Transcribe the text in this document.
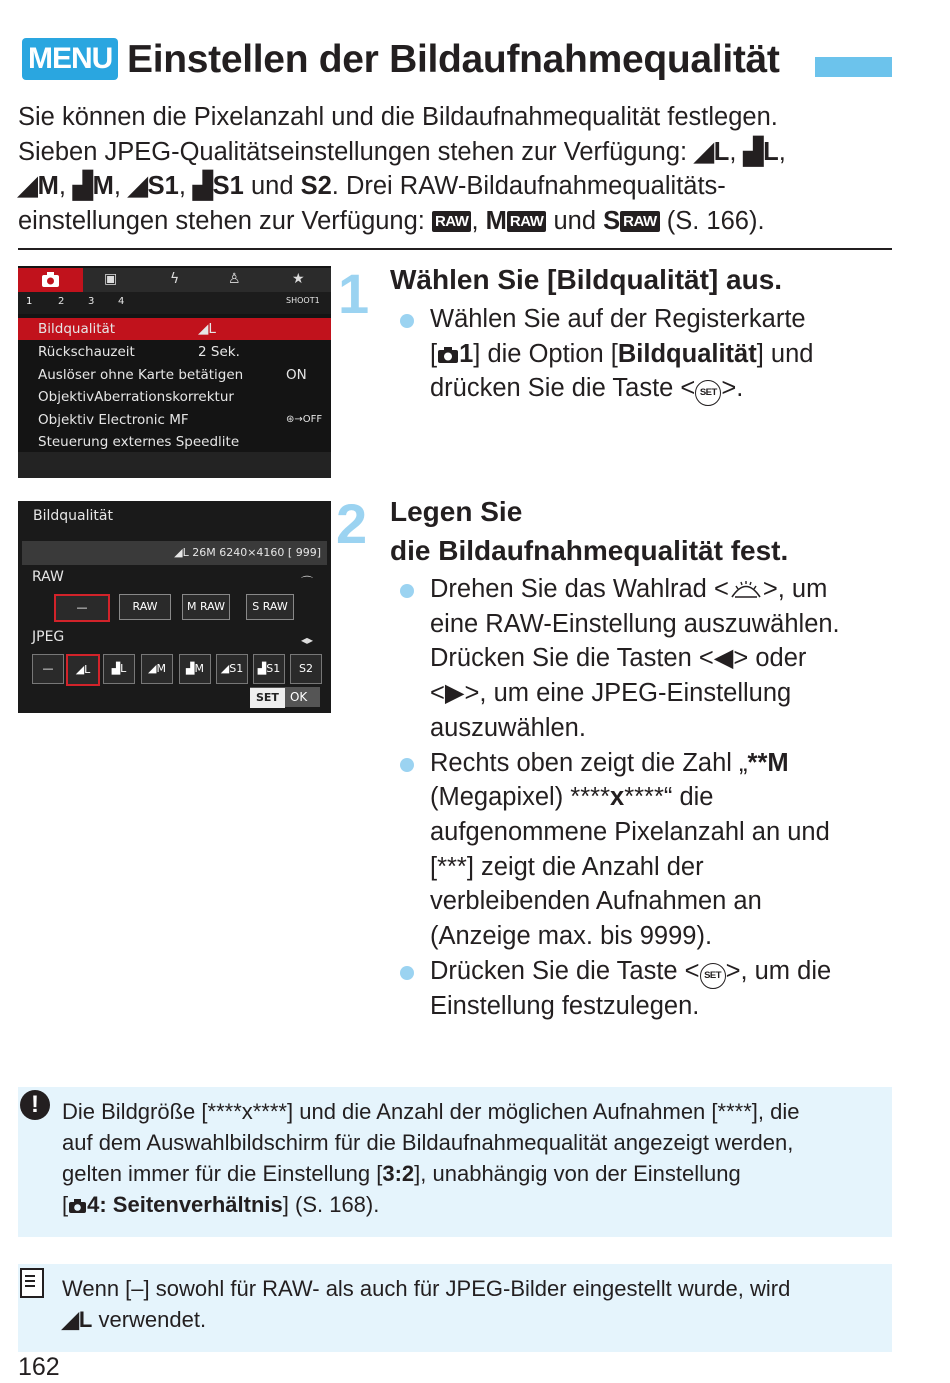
MENU Einstellen der Bildaufnahmequalität

Sie können die Pixelanzahl und die Bildaufnahmequalität festlegen.

Sieben JPEG-Qualitätseinstellungen stehen zur Verfügung: ◢L, ▟L,

◢M, ▟M, ◢S1, ▟S1 und S2. Drei RAW-Bildaufnahmequalitäts-

einstellungen stehen zur Verfügung: RAW , M RAW und S RAW (S. 166).

▣	ϟ	♙	★
1	2 3 4	SHOOT1
Bildqualität	◢L
Rückschauzeit	2 Sek.
Auslöser ohne Karte betätigen	ON
ObjektivAberrationskorrektur
Objektiv Electronic MF	⊛→OFF
Steuerung externes Speedlite
1 Wählen Sie [Bildqualität] aus.
Wählen Sie auf der Registerkarte
[ 1] die Option [Bildqualität] und
drücken Sie die Taste < SET >.
Bildqualität
◢L 26M 6240×4160 [ 999]
RAW	⌒
—	RAW	M RAW	S RAW
JPEG	◂▸
—	◢L	▟L	◢M	▟M	◢S1	▟S1	S2
SET OK
2 Legen Sie
die Bildaufnahmequalität fest.
Drehen Sie das Wahlrad < >, um
eine RAW-Einstellung auszuwählen.
Drücken Sie die Tasten <◀> oder
<▶>, um eine JPEG-Einstellung
auszuwählen.
Rechts oben zeigt die Zahl „**M
(Megapixel) ****x****“ die
aufgenommene Pixelanzahl an und
[***] zeigt die Anzahl der
verbleibenden Aufnahmen an
(Anzeige max. bis 9999).
Drücken Sie die Taste < SET >, um die
Einstellung festzulegen.
!	Die Bildgröße [****x****] und die Anzahl der möglichen Aufnahmen [****], die
auf dem Auswahlbildschirm für die Bildaufnahmequalität angezeigt werden,
gelten immer für die Einstellung [3:2], unabhängig von der Einstellung
[ 4: Seitenverhältnis] (S. 168).
Wenn [–] sowohl für RAW- als auch für JPEG-Bilder eingestellt wurde, wird
◢L verwendet.
162
